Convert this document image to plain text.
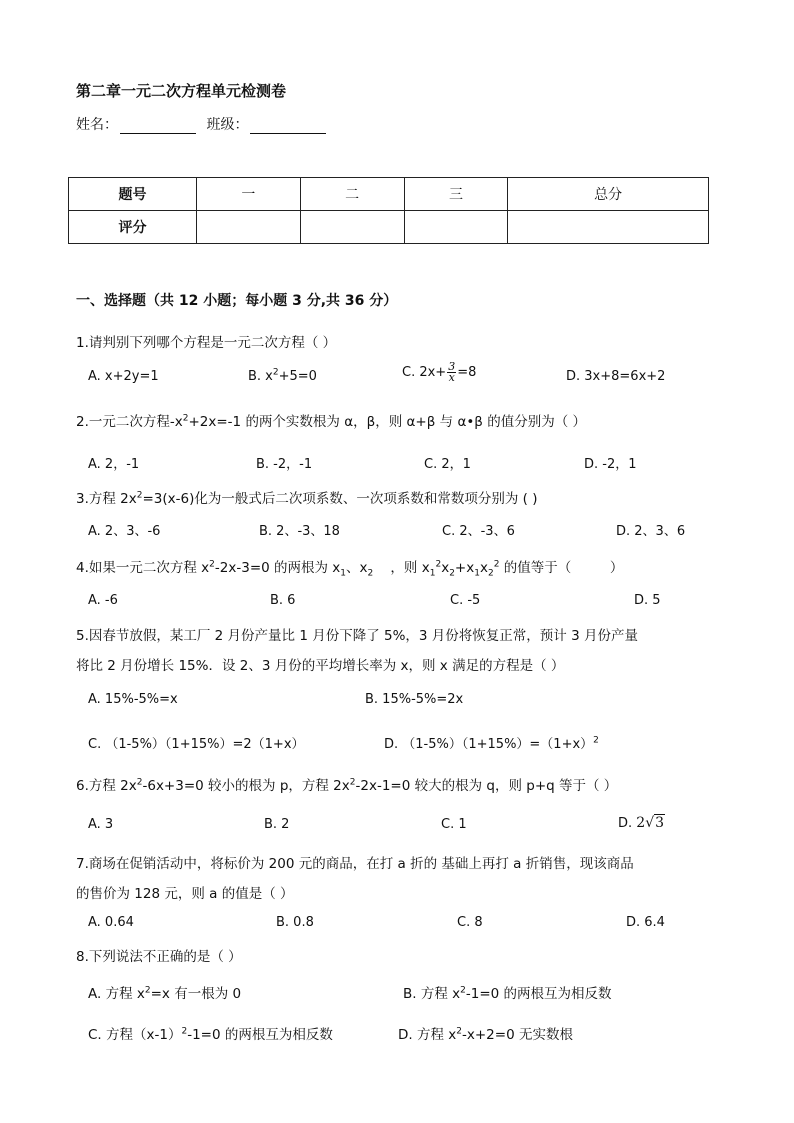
第二章一元二次方程单元检测卷
姓名：	班级：
题号	一	二	三	总分
评分				
一、选择题（共 12 小题；每小题 3 分,共 36 分）
1.请判别下列哪个方程是一元二次方程（ ）
A. x+2y=1	B. $x^2+5=0$	C. $2x+ \frac{3}{x} =8$	D. 3x+8=6x+2
2.一元二次方程$-x^2+2x=-1$ 的两个实数根为 α，β，则 α+β 与 α•β 的值分别为（ ）
A. 2，-1	B. -2，-1	C. 2，1	D. -2，1
3.方程 $2x^2=3(x-6)$化为一般式后二次项系数、一次项系数和常数项分别为 ( )
A. 2、3、-6	B. 2、-3、18	C. 2、-3、6	D. 2、3、6
4.如果一元二次方程 $x^2-2x-3=0$ 的两根为 $x_1$、$x_2$    ，则 $x_1^2x_2+x_1x_2^2$ 的值等于（         ）
A. -6	B. 6	C. -5	D. 5
5.因春节放假，某工厂 2 月份产量比 1 月份下降了 5%，3 月份将恢复正常，预计 3 月份产量
将比 2 月份增长 15%．设 2、3 月份的平均增长率为 x，则 x 满足的方程是（ ）
A. 15%-5%=x	B. 15%-5%=2x
C. （1-5%）（1+15%）=2（1+x）	D. $(1-5\%)(1+15\%)=(1+x)^2$
6.方程 $2x^2-6x+3=0$ 较小的根为 p，方程 $2x^2-2x-1=0$ 较大的根为 q，则 p+q 等于（ ）
A. 3	B. 2	C. 1	D. 2√3
7.商场在促销活动中，将标价为 200 元的商品，在打 a 折的 基础上再打 a 折销售，现该商品
的售价为 128 元，则 a 的值是（ ）
A. 0.64	B. 0.8	C. 8	D. 6.4
8.下列说法不正确的是（ ）
A. 方程 $x^2=x$ 有一根为 0	B. 方程 $x^2-1=0$ 的两根互为相反数
C. 方程$(x-1)^2-1=0$ 的两根互为相反数	D. 方程 $x^2-x+2=0$ 无实数根
